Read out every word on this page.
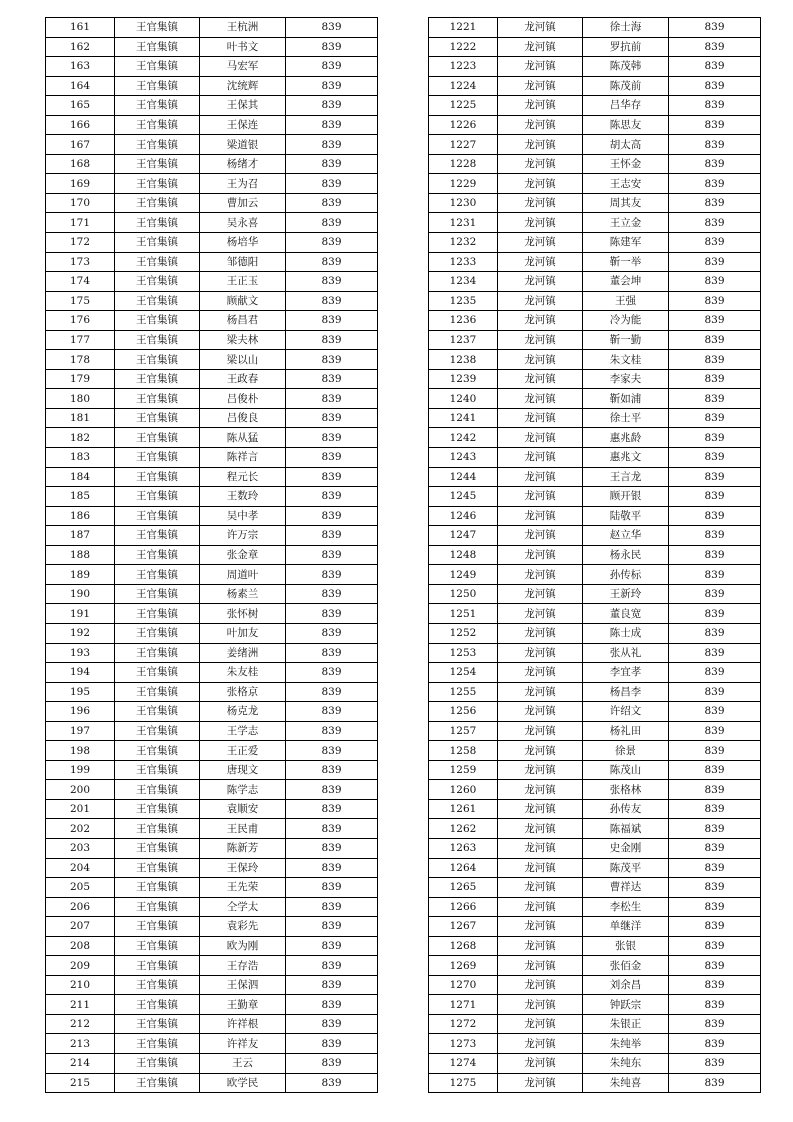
161	王官集镇	王杭洲	839
162	王官集镇	叶书文	839
163	王官集镇	马宏军	839
164	王官集镇	沈统辉	839
165	王官集镇	王保其	839
166	王官集镇	王保连	839
167	王官集镇	梁道银	839
168	王官集镇	杨绪才	839
169	王官集镇	王为召	839
170	王官集镇	曹加云	839
171	王官集镇	吴永喜	839
172	王官集镇	杨培华	839
173	王官集镇	邹德阳	839
174	王官集镇	王正玉	839
175	王官集镇	顾献文	839
176	王官集镇	杨昌君	839
177	王官集镇	梁夫林	839
178	王官集镇	梁以山	839
179	王官集镇	王政春	839
180	王官集镇	吕俊朴	839
181	王官集镇	吕俊良	839
182	王官集镇	陈从猛	839
183	王官集镇	陈祥言	839
184	王官集镇	程元长	839
185	王官集镇	王数玲	839
186	王官集镇	吴中孝	839
187	王官集镇	许万宗	839
188	王官集镇	张金章	839
189	王官集镇	周道叶	839
190	王官集镇	杨素兰	839
191	王官集镇	张怀树	839
192	王官集镇	叶加友	839
193	王官集镇	姜绪洲	839
194	王官集镇	朱友桂	839
195	王官集镇	张格京	839
196	王官集镇	杨克龙	839
197	王官集镇	王学志	839
198	王官集镇	王正爱	839
199	王官集镇	唐现文	839
200	王官集镇	陈学志	839
201	王官集镇	袁顺安	839
202	王官集镇	王民甫	839
203	王官集镇	陈新芳	839
204	王官集镇	王保玲	839
205	王官集镇	王先荣	839
206	王官集镇	仝学太	839
207	王官集镇	袁彩先	839
208	王官集镇	欧为刚	839
209	王官集镇	王存浩	839
210	王官集镇	王保泗	839
211	王官集镇	王勤章	839
212	王官集镇	许祥根	839
213	王官集镇	许祥友	839
214	王官集镇	王云	839
215	王官集镇	欧学民	839
1221	龙河镇	徐士海	839
1222	龙河镇	罗抗前	839
1223	龙河镇	陈茂韩	839
1224	龙河镇	陈茂前	839
1225	龙河镇	吕华存	839
1226	龙河镇	陈思友	839
1227	龙河镇	胡太高	839
1228	龙河镇	王怀金	839
1229	龙河镇	王志安	839
1230	龙河镇	周其友	839
1231	龙河镇	王立金	839
1232	龙河镇	陈建军	839
1233	龙河镇	靳一举	839
1234	龙河镇	董会坤	839
1235	龙河镇	王强	839
1236	龙河镇	冷为能	839
1237	龙河镇	靳一勤	839
1238	龙河镇	朱文桂	839
1239	龙河镇	李家夫	839
1240	龙河镇	靳如浦	839
1241	龙河镇	徐士平	839
1242	龙河镇	惠兆龄	839
1243	龙河镇	惠兆文	839
1244	龙河镇	王言龙	839
1245	龙河镇	顾开银	839
1246	龙河镇	陆敬平	839
1247	龙河镇	赵立华	839
1248	龙河镇	杨永民	839
1249	龙河镇	孙传标	839
1250	龙河镇	王新玲	839
1251	龙河镇	董良宽	839
1252	龙河镇	陈士成	839
1253	龙河镇	张从礼	839
1254	龙河镇	李宜孝	839
1255	龙河镇	杨昌李	839
1256	龙河镇	许绍文	839
1257	龙河镇	杨礼田	839
1258	龙河镇	徐景	839
1259	龙河镇	陈茂山	839
1260	龙河镇	张格林	839
1261	龙河镇	孙传友	839
1262	龙河镇	陈福斌	839
1263	龙河镇	史金刚	839
1264	龙河镇	陈茂平	839
1265	龙河镇	曹祥达	839
1266	龙河镇	李松生	839
1267	龙河镇	单继洋	839
1268	龙河镇	张银	839
1269	龙河镇	张佰金	839
1270	龙河镇	刘余昌	839
1271	龙河镇	钟跃宗	839
1272	龙河镇	朱银正	839
1273	龙河镇	朱纯举	839
1274	龙河镇	朱纯东	839
1275	龙河镇	朱纯喜	839
